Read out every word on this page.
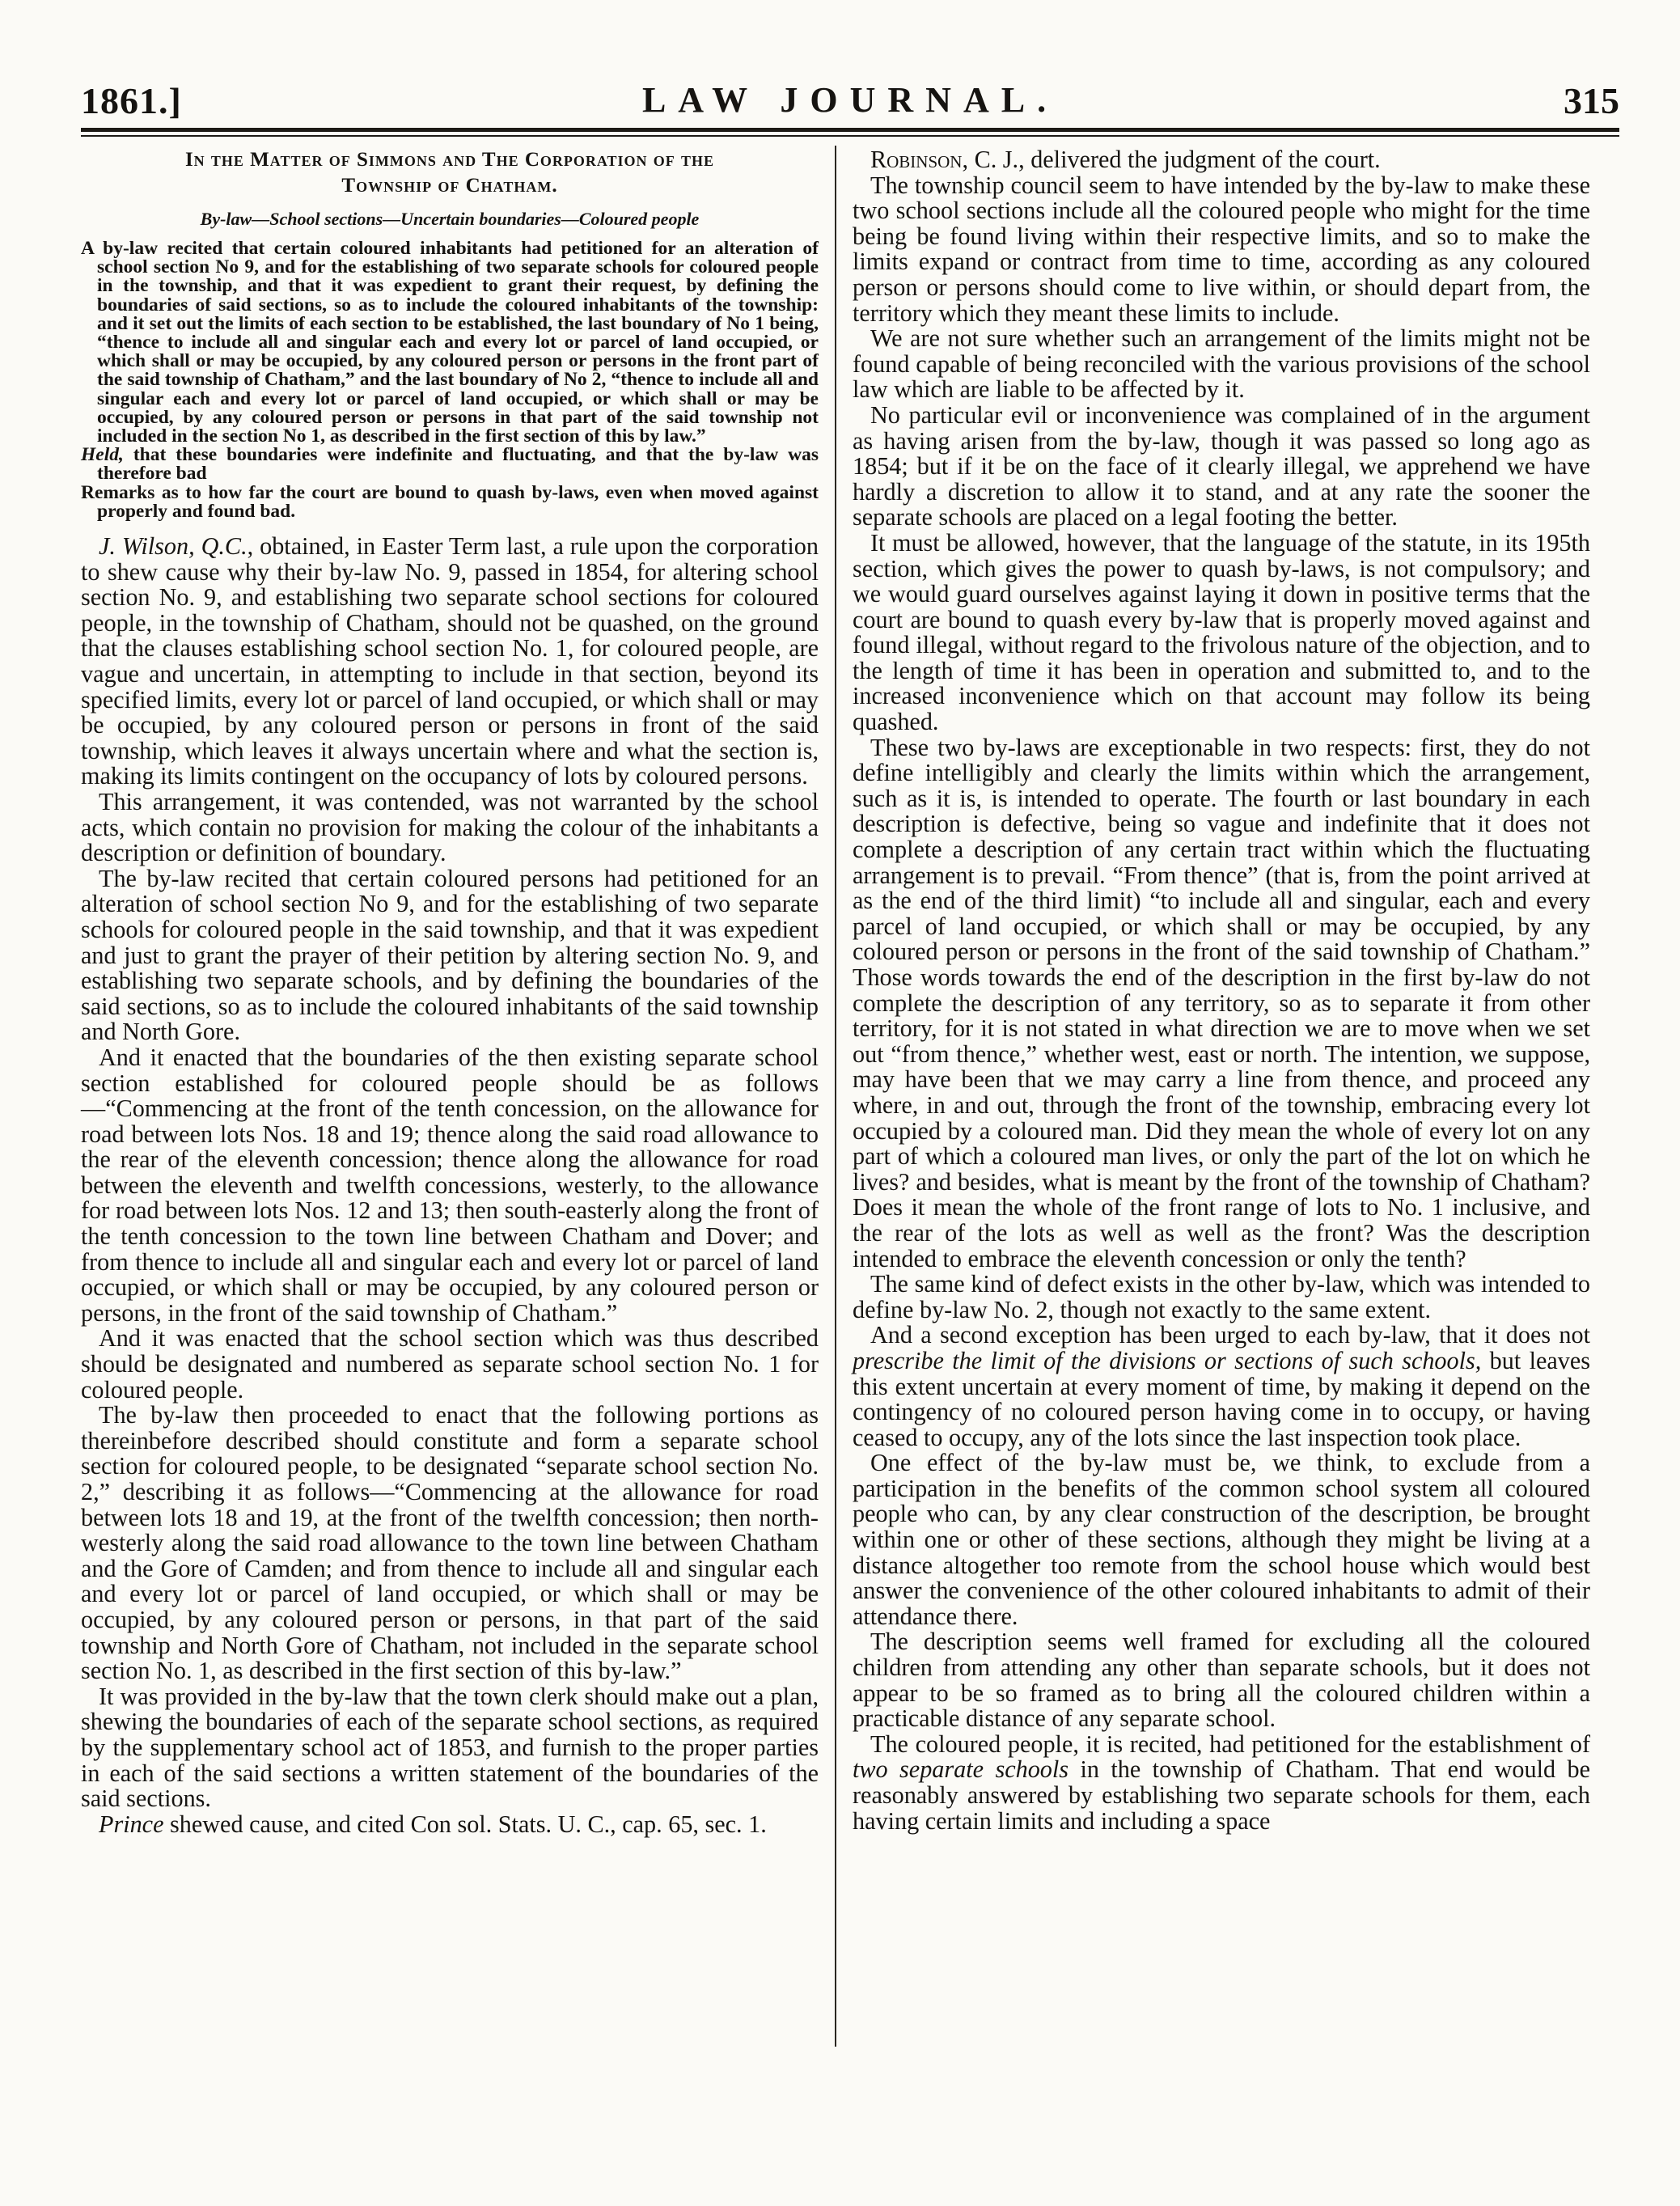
1861.]	LAW JOURNAL.	315
In the Matter of Simmons and The Corporation of the
Township of Chatham.
By-law—School sections—Uncertain boundaries—Coloured people

A by-law recited that certain coloured inhabitants had petitioned for an alteration of school section No 9, and for the establishing of two separate schools for coloured people in the township, and that it was expedient to grant their request, by defining the boundaries of said sections, so as to include the coloured inhabitants of the township: and it set out the limits of each section to be established, the last boundary of No 1 being, “thence to include all and singular each and every lot or parcel of land occupied, or which shall or may be occupied, by any coloured person or persons in the front part of the said township of Chatham,” and the last boundary of No 2, “thence to include all and singular each and every lot or parcel of land occupied, or which shall or may be occupied, by any coloured person or persons in that part of the said township not included in the section No 1, as described in the first section of this by law.”

Held, that these boundaries were indefinite and fluctuating, and that the by-law was therefore bad

Remarks as to how far the court are bound to quash by-laws, even when moved against properly and found bad.

J. Wilson, Q.C., obtained, in Easter Term last, a rule upon the corporation to shew cause why their by-law No. 9, passed in 1854, for altering school section No. 9, and establishing two separate school sections for coloured people, in the township of Chatham, should not be quashed, on the ground that the clauses establishing school section No. 1, for coloured people, are vague and uncertain, in attempting to include in that section, beyond its specified limits, every lot or parcel of land occupied, or which shall or may be occupied, by any coloured person or persons in front of the said township, which leaves it always uncertain where and what the section is, making its limits contingent on the occupancy of lots by coloured persons.

This arrangement, it was contended, was not warranted by the school acts, which contain no provision for making the colour of the inhabitants a description or definition of boundary.

The by-law recited that certain coloured persons had petitioned for an alteration of school section No 9, and for the establishing of two separate schools for coloured people in the said township, and that it was expedient and just to grant the prayer of their petition by altering section No. 9, and establishing two separate schools, and by defining the boundaries of the said sections, so as to include the coloured inhabitants of the said township and North Gore.

And it enacted that the boundaries of the then existing separate school section established for coloured people should be as follows —“Commencing at the front of the tenth concession, on the allowance for road between lots Nos. 18 and 19; thence along the said road allowance to the rear of the eleventh concession; thence along the allowance for road between the eleventh and twelfth concessions, westerly, to the allowance for road between lots Nos. 12 and 13; then south-easterly along the front of the tenth concession to the town line between Chatham and Dover; and from thence to include all and singular each and every lot or parcel of land occupied, or which shall or may be occupied, by any coloured person or persons, in the front of the said township of Chatham.”

And it was enacted that the school section which was thus described should be designated and numbered as separate school section No. 1 for coloured people.

The by-law then proceeded to enact that the following portions as thereinbefore described should constitute and form a separate school section for coloured people, to be designated “separate school section No. 2,” describing it as follows—“Commencing at the allowance for road between lots 18 and 19, at the front of the twelfth concession; then north-westerly along the said road allowance to the town line between Chatham and the Gore of Camden; and from thence to include all and singular each and every lot or parcel of land occupied, or which shall or may be occupied, by any coloured person or persons, in that part of the said township and North Gore of Chatham, not included in the separate school section No. 1, as described in the first section of this by-law.”

It was provided in the by-law that the town clerk should make out a plan, shewing the boundaries of each of the separate school sections, as required by the supplementary school act of 1853, and furnish to the proper parties in each of the said sections a written statement of the boundaries of the said sections.

Prince shewed cause, and cited Con sol. Stats. U. C., cap. 65, sec. 1.

Robinson, C. J., delivered the judgment of the court.

The township council seem to have intended by the by-law to make these two school sections include all the coloured people who might for the time being be found living within their respective limits, and so to make the limits expand or contract from time to time, according as any coloured person or persons should come to live within, or should depart from, the territory which they meant these limits to include.

We are not sure whether such an arrangement of the limits might not be found capable of being reconciled with the various provisions of the school law which are liable to be affected by it.

No particular evil or inconvenience was complained of in the argument as having arisen from the by-law, though it was passed so long ago as 1854; but if it be on the face of it clearly illegal, we apprehend we have hardly a discretion to allow it to stand, and at any rate the sooner the separate schools are placed on a legal footing the better.

It must be allowed, however, that the language of the statute, in its 195th section, which gives the power to quash by-laws, is not compulsory; and we would guard ourselves against laying it down in positive terms that the court are bound to quash every by-law that is properly moved against and found illegal, without regard to the frivolous nature of the objection, and to the length of time it has been in operation and submitted to, and to the increased inconvenience which on that account may follow its being quashed.

These two by-laws are exceptionable in two respects: first, they do not define intelligibly and clearly the limits within which the arrangement, such as it is, is intended to operate. The fourth or last boundary in each description is defective, being so vague and indefinite that it does not complete a description of any certain tract within which the fluctuating arrangement is to prevail. “From thence” (that is, from the point arrived at as the end of the third limit) “to include all and singular, each and every parcel of land occupied, or which shall or may be occupied, by any coloured person or persons in the front of the said township of Chatham.” Those words towards the end of the description in the first by-law do not complete the description of any territory, so as to separate it from other territory, for it is not stated in what direction we are to move when we set out “from thence,” whether west, east or north. The intention, we suppose, may have been that we may carry a line from thence, and proceed any where, in and out, through the front of the township, embracing every lot occupied by a coloured man. Did they mean the whole of every lot on any part of which a coloured man lives, or only the part of the lot on which he lives? and besides, what is meant by the front of the township of Chatham? Does it mean the whole of the front range of lots to No. 1 inclusive, and the rear of the lots as well as well as the front? Was the description intended to embrace the eleventh concession or only the tenth?

The same kind of defect exists in the other by-law, which was intended to define by-law No. 2, though not exactly to the same extent.

And a second exception has been urged to each by-law, that it does not prescribe the limit of the divisions or sections of such schools, but leaves this extent uncertain at every moment of time, by making it depend on the contingency of no coloured person having come in to occupy, or having ceased to occupy, any of the lots since the last inspection took place.

One effect of the by-law must be, we think, to exclude from a participation in the benefits of the common school system all coloured people who can, by any clear construction of the description, be brought within one or other of these sections, although they might be living at a distance altogether too remote from the school house which would best answer the convenience of the other coloured inhabitants to admit of their attendance there.

The description seems well framed for excluding all the coloured children from attending any other than separate schools, but it does not appear to be so framed as to bring all the coloured children within a practicable distance of any separate school.

The coloured people, it is recited, had petitioned for the establishment of two separate schools in the township of Chatham. That end would be reasonably answered by establishing two separate schools for them, each having certain limits and including a space
